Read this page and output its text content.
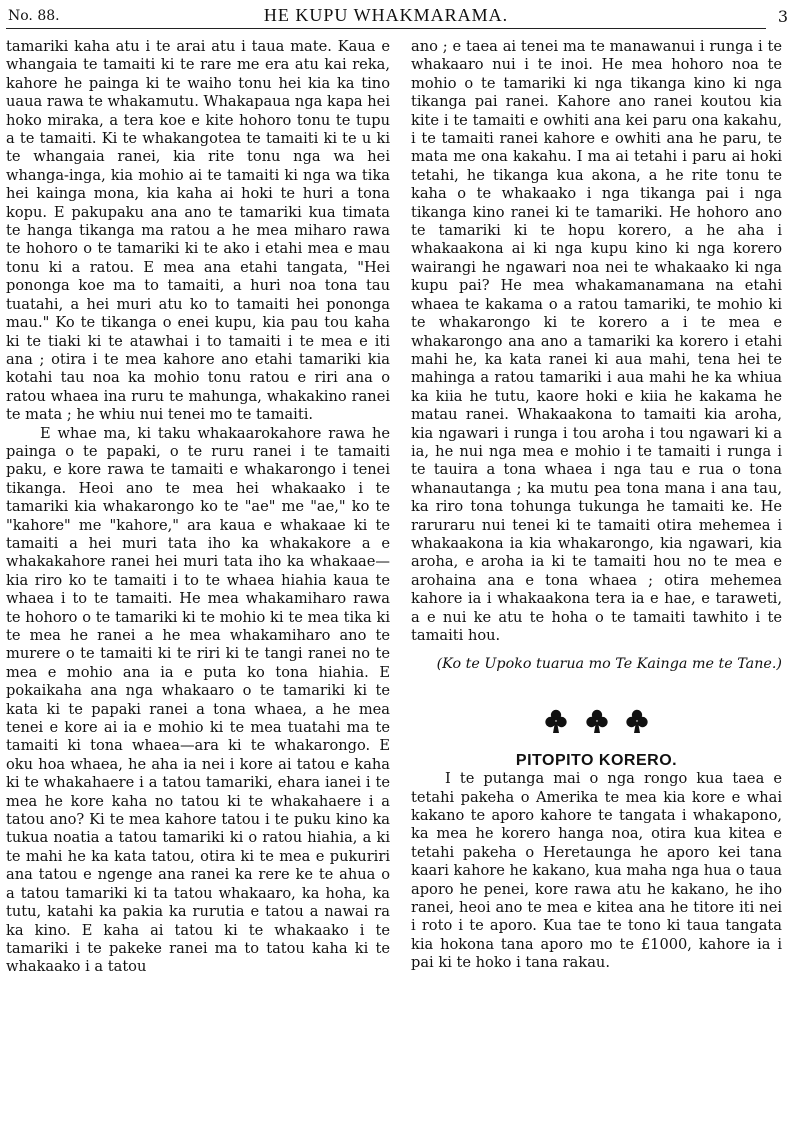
No. 88.	HE KUPU WHAKMARAMA.	3

tamariki kaha atu i te arai atu i taua mate. Kaua e whangaia te tamaiti ki te rare me era atu kai reka, kahore he painga ki te waiho tonu hei kia ka tino uaua rawa te whakamutu. Whakapaua nga kapa hei hoko miraka, a tera koe e kite hohoro tonu te tupu a te tamaiti. Ki te whakangotea te tamaiti ki te u ki te whangaia ranei, kia rite tonu nga wa hei whanga-inga, kia mohio ai te tamaiti ki nga wa tika hei kainga mona, kia kaha ai hoki te huri a tona kopu. E pakupaku ana ano te tamariki kua timata te hanga tikanga ma ratou a he mea miharo rawa te hohoro o te tamariki ki te ako i etahi mea e mau tonu ki a ratou. E mea ana etahi tangata, "Hei ponongа koe ma to tamaiti, a huri noa tona tau tuatahi, a hei muri atu ko to tamaiti hei pononga mau." Ko te tikanga o enei kupu, kia pau tou kaha ki te tiaki ki te atawhai i to tamaiti i te mea e iti ana ; otira i te mea kahore ano etahi tamariki kia kotahi tau noa ka mohio tonu ratou e riri ana o ratou whaea ina ruru te mahunga, whakakino ranei te mata ; he whiu nui tenei mo te tamaiti.

E whae ma, ki taku whakaarokahore rawa he painga o te papaki, o te ruru ranei i te tamaiti paku, e kore rawa te tamaiti e whakarongo i tenei tikanga. Heoi ano te mea hei whakaako i te tamariki kia whakarongo ko te "ae" me "ae," ko te "kahore" me "kahore," ara kaua e whakaae ki te tamaiti a hei muri tata iho ka whakakore a e whakakahore ranei hei muri tata iho ka whakaae—kia riro ko te tamaiti i to te whaea hiahia kaua te whaea i to te tamaiti. He mea whakamiharo rawa te hohoro o te tamariki ki te mohio ki te mea tika ki te mea he ranei a he mea whakamiharo ano te murere o te tamaiti ki te riri ki te tangi ranei no te mea e mohio ana ia e puta ko tona hiahia. E pokaikaha ana nga whakaaro o te tamariki ki te kata ki te papaki ranei a tona whaea, a he mea tenei e kore ai ia e mohio ki te mea tuatahi ma te tamaiti ki tona whaea—ara ki te whakarongo. E oku hoa whaea, he aha ia nei i kore ai tatou e kaha ki te whakahaere i a tatou tamariki, ehara ianei i te mea he kore kaha no tatou ki te whakahaere i a tatou ano? Ki te mea kahore tatou i te puku kino ka tukua noatia a tatou tamariki ki o ratou hiahia, a ki te mahi he ka kata tatou, otira ki te mea e pukuriri ana tatou e ngenge ana ranei ka rere ke te ahua o a tatou tamariki ki ta tatou whakaaro, ka hoha, ka tutu, katahi ka pakia ka rurutia e tatou a nawai ra ka kino. E kaha ai tatou ki te whakaako i te tamariki i te pakeke ranei ma to tatou kaha ki te whakaako i a tatou

ano ; e taea ai tenei ma te manawanui i runga i te whakaaro nui i te inoi. He mea hohoro noa te mohio o te tamariki ki nga tikanga kino ki nga tikanga pai ranei. Kahore ano ranei koutou kia kite i te tamaiti e owhiti ana kei paru ona kakahu, i te tamaiti ranei kahore e owhiti ana he paru, te mata me ona kakahu. I ma ai tetahi i paru ai hoki tetahi, he tikanga kua akona, a he rite tonu te kaha o te whakaako i nga tikanga pai i nga tikanga kino ranei ki te tamariki. He hohoro ano te tamariki ki te hopu korero, a he aha i whakaakona ai ki nga kupu kino ki nga korero wairangi he ngawari noa nei te whakaako ki nga kupu pai? He mea whakamanamana na etahi whaea te kakama o a ratou tamariki, te mohio ki te whakarongo ki te korero a i te mea e whakarongo ana ano a tamariki ka korero i etahi mahi he, ka kata ranei ki aua mahi, tena hei te mahinga a ratou tamariki i aua mahi he ka whiua ka kiia he tutu, kaore hoki e kiia he kakama he matau ranei. Whakaakona to tamaiti kia aroha, kia ngawari i runga i tou aroha i tou ngawari ki a ia, he nui nga mea e mohio i te tamaiti i runga i te tauira a tona whaea i nga tau e rua o tona whanautanga ; ka mutu pea tona mana i ana tau, ka riro tona tohunga tukunga he tamaiti ke. He raruraru nui tenei ki te tamaiti otira mehemea i whakaakona ia kia whakarongo, kia ngawari, kia aroha, e aroha ia ki te tamaiti hou no te mea e arohaina ana e tona whaea ; otira mehemea kahore ia i whakaakona tera ia e hae, e taraweti, a e nui ke atu te hoha o te tamaiti tawhito i te tamaiti hou.

(Ko te Upoko tuarua mo Te Kainga me te Tane.)

PITOPITO KORERO.

I te putanga mai o nga rongo kua taea e tetahi pakeha o Amerika te mea kia kore e whai kakano te aporo kahore te tangata i whakapono, ka mea he korero hanga noa, otira kua kitea e tetahi pakeha o Heretaunga he aporo kei tana kaari kahore he kakano, kua maha nga hua o taua aporo he penei, kore rawa atu he kakano, he iho ranei, heoi ano te mea e kitea ana he titore iti nei i roto i te aporo. Kua tae te tono ki taua tangata kia hokona tana aporo mo te £1000, kahore ia i pai ki te hoko i tana rakau.
